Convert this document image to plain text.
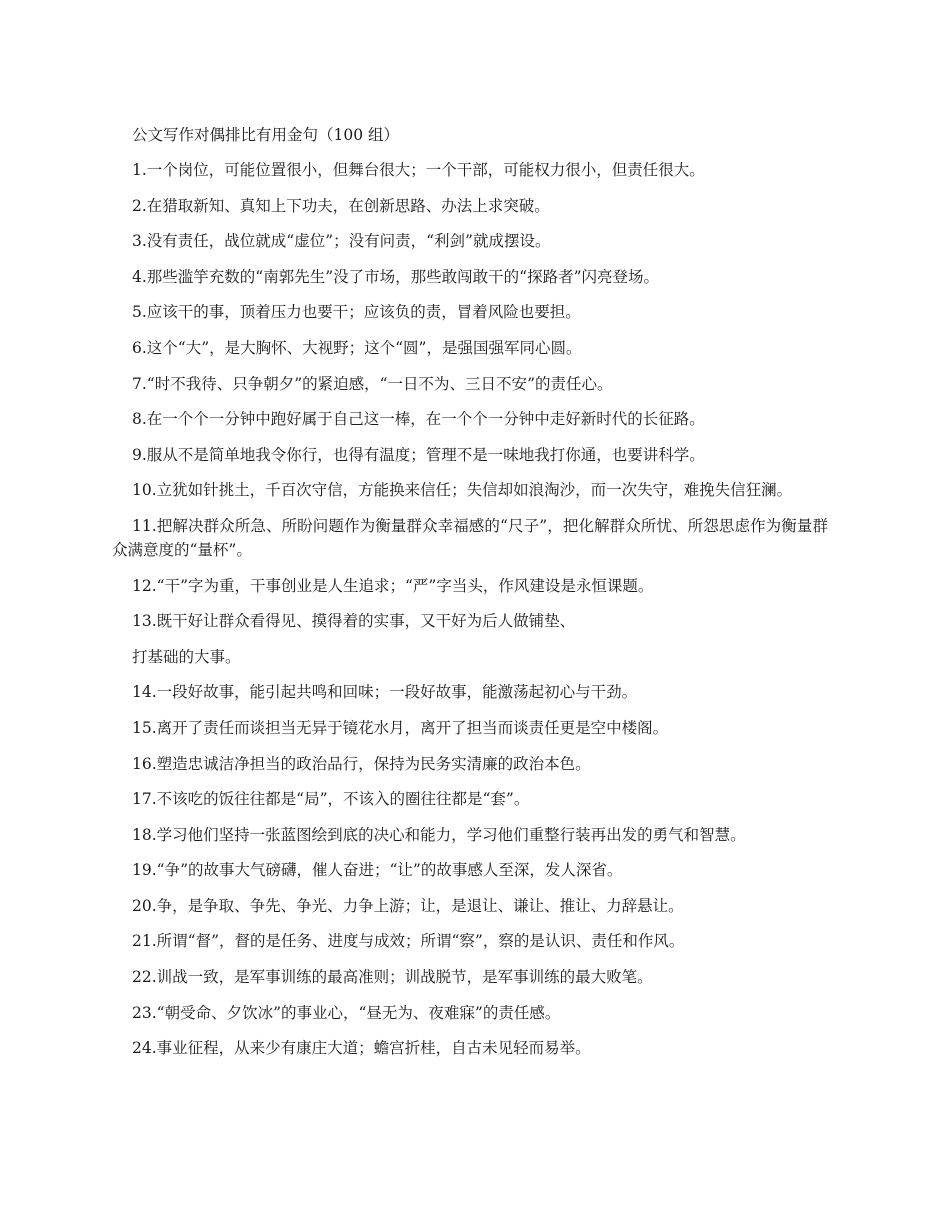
公文写作对偶排比有用金句（100 组）

1.一个岗位，可能位置很小，但舞台很大；一个干部，可能权力很小，但责任很大。

2.在猎取新知、真知上下功夫，在创新思路、办法上求突破。

3.没有责任，战位就成“虚位”；没有问责，“利剑”就成摆设。

4.那些滥竽充数的“南郭先生”没了市场，那些敢闯敢干的“探路者”闪亮登场。

5.应该干的事，顶着压力也要干；应该负的责，冒着风险也要担。

6.这个“大”，是大胸怀、大视野；这个“圆”，是强国强军同心圆。

7.“时不我待、只争朝夕”的紧迫感，“一日不为、三日不安”的责任心。

8.在一个个一分钟中跑好属于自己这一棒，在一个个一分钟中走好新时代的长征路。

9.服从不是简单地我令你行，也得有温度；管理不是一味地我打你通，也要讲科学。

10.立犹如针挑土，千百次守信，方能换来信任；失信却如浪淘沙，而一次失守，难挽失信狂澜。

11.把解决群众所急、所盼问题作为衡量群众幸福感的“尺子”，把化解群众所忧、所怨思虑作为衡量群众满意度的“量杯”。

12.“干”字为重，干事创业是人生追求；“严”字当头，作风建设是永恒课题。

13.既干好让群众看得见、摸得着的实事，又干好为后人做铺垫、

打基础的大事。

14.一段好故事，能引起共鸣和回味；一段好故事，能激荡起初心与干劲。

15.离开了责任而谈担当无异于镜花水月，离开了担当而谈责任更是空中楼阁。

16.塑造忠诚洁净担当的政治品行，保持为民务实清廉的政治本色。

17.不该吃的饭往往都是“局”，不该入的圈往往都是“套”。

18.学习他们坚持一张蓝图绘到底的决心和能力，学习他们重整行装再出发的勇气和智慧。

19.“争”的故事大气磅礴，催人奋进；“让”的故事感人至深，发人深省。

20.争，是争取、争先、争光、力争上游；让，是退让、谦让、推让、力辞悬让。

21.所谓“督”，督的是任务、进度与成效；所谓“察”，察的是认识、责任和作风。

22.训战一致，是军事训练的最高准则；训战脱节，是军事训练的最大败笔。

23.“朝受命、夕饮冰”的事业心，“昼无为、夜难寐”的责任感。

24.事业征程，从来少有康庄大道；蟾宫折桂，自古未见轻而易举。
